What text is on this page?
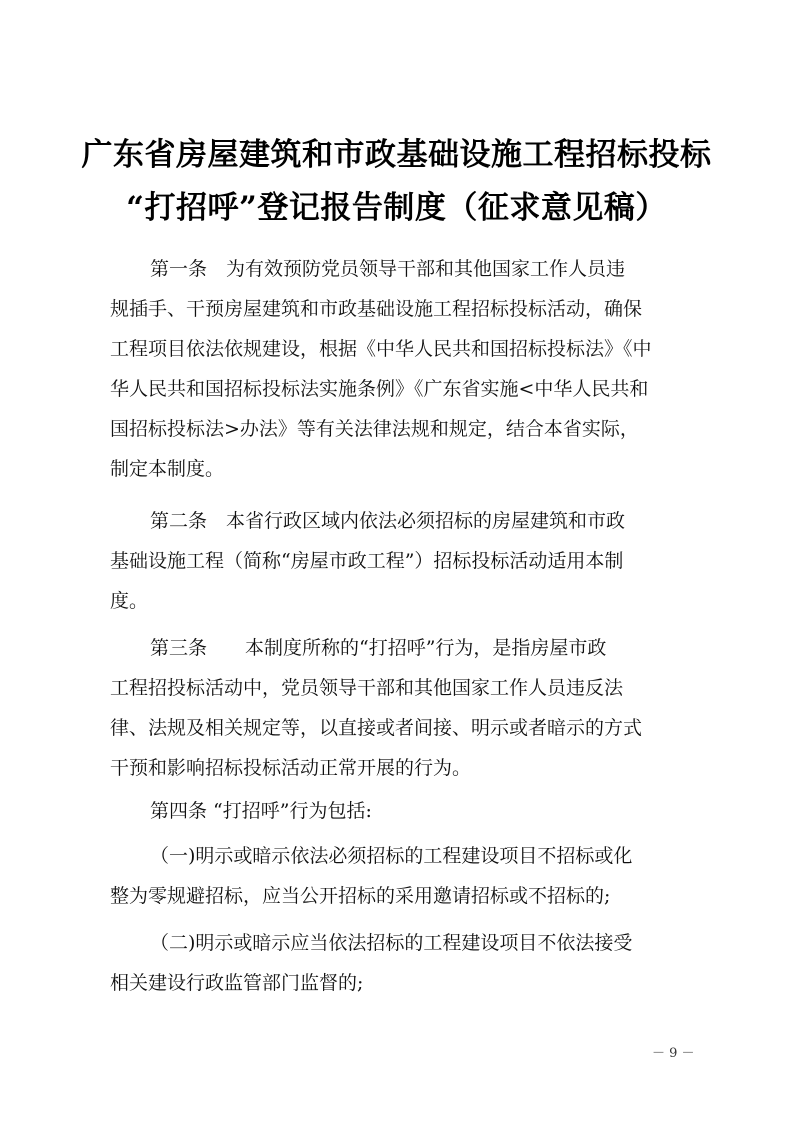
广东省房屋建筑和市政基础设施工程招标投标
“打招呼”登记报告制度（征求意见稿）
第一条　为有效预防党员领导干部和其他国家工作人员违
规插手、干预房屋建筑和市政基础设施工程招标投标活动，确保
工程项目依法依规建设，根据《中华人民共和国招标投标法》《中
华人民共和国招标投标法实施条例》《广东省实施<中华人民共和
国招标投标法>办法》等有关法律法规和规定，结合本省实际，
制定本制度。
第二条　本省行政区域内依法必须招标的房屋建筑和市政
基础设施工程（简称“房屋市政工程”）招标投标活动适用本制
度。
第三条　　本制度所称的“打招呼”行为，是指房屋市政
工程招投标活动中，党员领导干部和其他国家工作人员违反法
律、法规及相关规定等，以直接或者间接、明示或者暗示的方式
干预和影响招标投标活动正常开展的行为。
第四条 “打招呼”行为包括:
（一)明示或暗示依法必须招标的工程建设项目不招标或化
整为零规避招标，应当公开招标的采用邀请招标或不招标的;
（二)明示或暗示应当依法招标的工程建设项目不依法接受
相关建设行政监管部门监督的;
－ 9 －
